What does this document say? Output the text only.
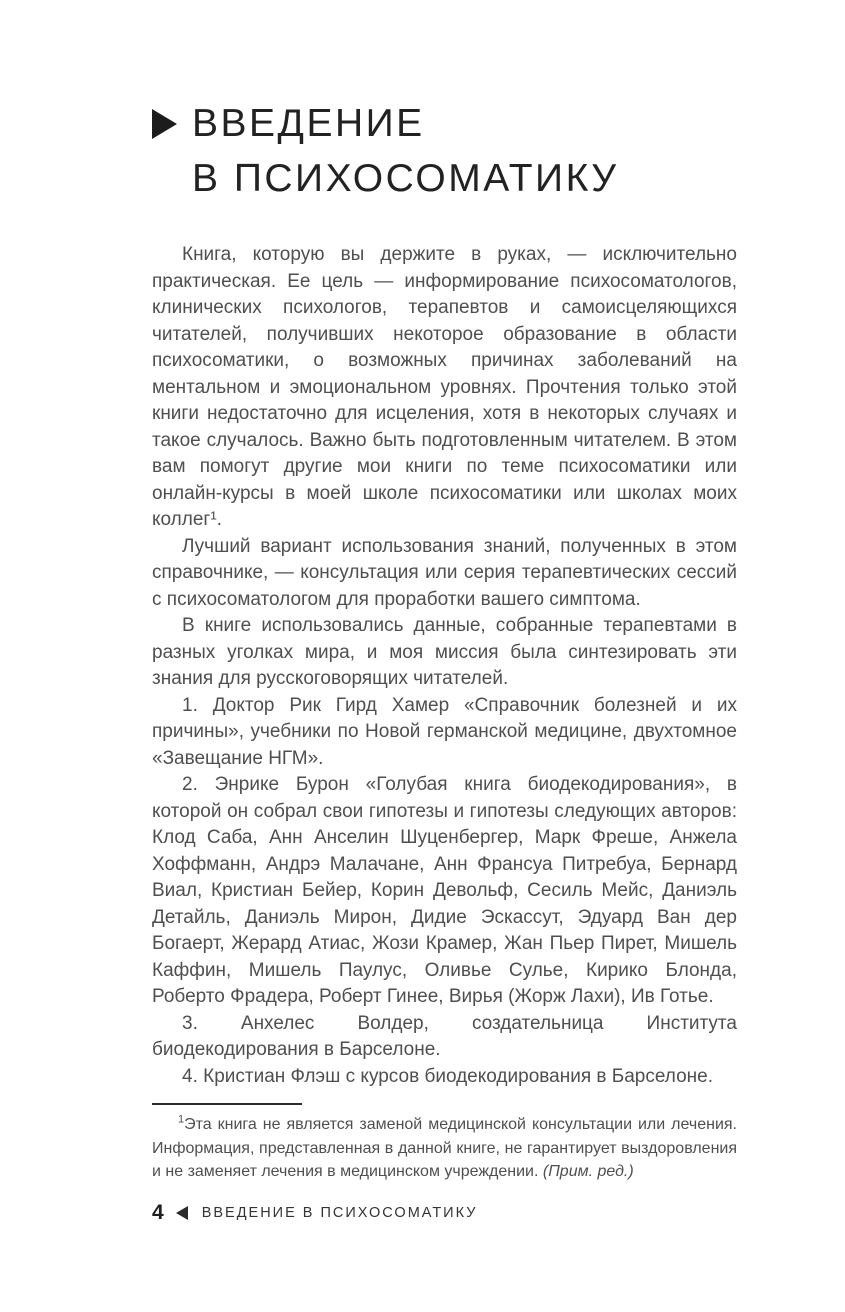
ВВЕДЕНИЕ
В ПСИХОСОМАТИКУ

Книга, которую вы держите в руках, — исключительно практическая. Ее цель — информирование психосоматологов, клинических психологов, терапевтов и самоисцеляющихся читателей, получивших некоторое образование в области психосоматики, о возможных причинах заболеваний на ментальном и эмоциональном уровнях. Прочтения только этой книги недостаточно для исцеления, хотя в некоторых случаях и такое случалось. Важно быть подготовленным читателем. В этом вам помогут другие мои книги по теме психосоматики или онлайн-курсы в моей школе психосоматики или школах моих коллег¹.

Лучший вариант использования знаний, полученных в этом справочнике, — консультация или серия терапевтических сессий с психосоматологом для проработки вашего симптома.

В книге использовались данные, собранные терапевтами в разных уголках мира, и моя миссия была синтезировать эти знания для русскоговорящих читателей.

1. Доктор Рик Гирд Хамер «Справочник болезней и их причины», учебники по Новой германской медицине, двухтомное «Завещание НГМ».

2. Энрике Бурон «Голубая книга биодекодирования», в которой он собрал свои гипотезы и гипотезы следующих авторов: Клод Саба, Анн Анселин Шуценбергер, Марк Фреше, Анжела Хоффманн, Андрэ Малачане, Анн Франсуа Питребуа, Бернард Виал, Кристиан Бейер, Корин Девольф, Сесиль Мейс, Даниэль Детайль, Даниэль Мирон, Дидие Эскассут, Эдуард Ван дер Богаерт, Жерард Атиас, Жози Крамер, Жан Пьер Пирет, Мишель Каффин, Мишель Паулус, Оливье Сулье, Кирико Блонда, Роберто Фрадера, Роберт Гинее, Вирья (Жорж Лахи), Ив Готье.

3. Анхелес Волдер, создательница Института биодекодирования в Барселоне.

4. Кристиан Флэш с курсов биодекодирования в Барселоне.

$^1$Эта книга не является заменой медицинской консультации или лечения. Информация, представленная в данной книге, не гарантирует выздоровления и не заменяет лечения в медицинском учреждении. (Прим. ред.)

4	ВВЕДЕНИЕ В ПСИХОСОМАТИКУ
